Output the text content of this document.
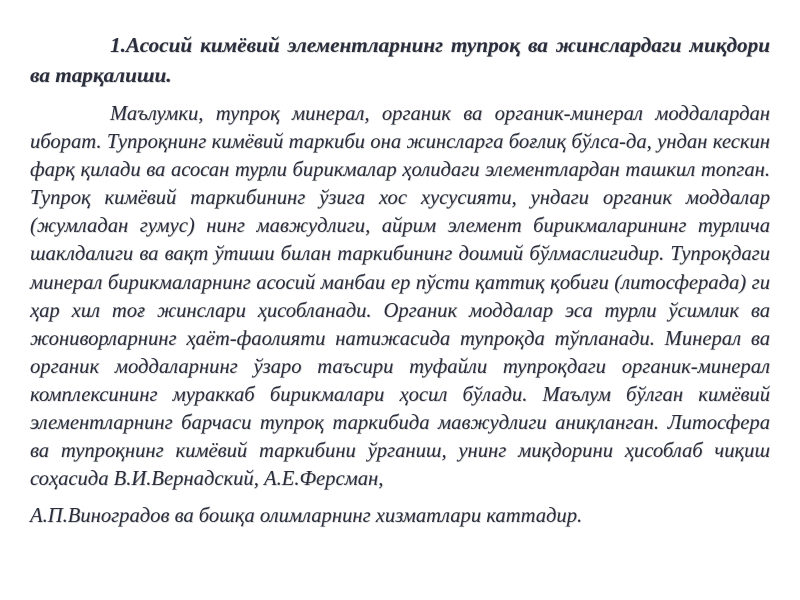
1.Асосий кимёвий элементларнинг тупроқ ва жинслардаги миқдори ва тарқалиши.

Маълумки, тупроқ минерал, органик ва органик-минерал моддалардан иборат. Тупроқнинг кимёвий таркиби она жинсларга боғлиқ бўлса-да, ундан кескин фарқ қилади ва асосан турли бирикмалар ҳолидаги элементлардан ташкил топган. Тупроқ кимёвий таркибининг ўзига хос хусусияти, ундаги органик моддалар (жумладан гумус) нинг мавжудлиги, айрим элемент бирикмаларининг турлича шаклдалиги ва вақт ўтиши билан таркибининг доимий бўлмаслигидир. Тупроқдаги минерал бирикмаларнинг асосий манбаи ер пўсти қаттиқ қобиғи (литосферада) ги ҳар хил тоғ жинслари ҳисобланади. Органик моддалар эса турли ўсимлик ва жониворларнинг ҳаёт-фаолияти натижасида тупроқда тўпланади. Минерал ва органик моддаларнинг ўзаро таъсири туфайли тупроқдаги органик-минерал комплексининг мураккаб бирикмалари ҳосил бўлади. Маълум бўлган кимёвий элементларнинг барчаси тупроқ таркибида мавжудлиги аниқланган. Литосфера ва тупроқнинг кимёвий таркибини ўрганиш, унинг миқдорини ҳисоблаб чиқиш соҳасида В.И.Вернадский, А.Е.Ферсман,

А.П.Виноградов ва бошқа олимларнинг хизматлари каттадир.
